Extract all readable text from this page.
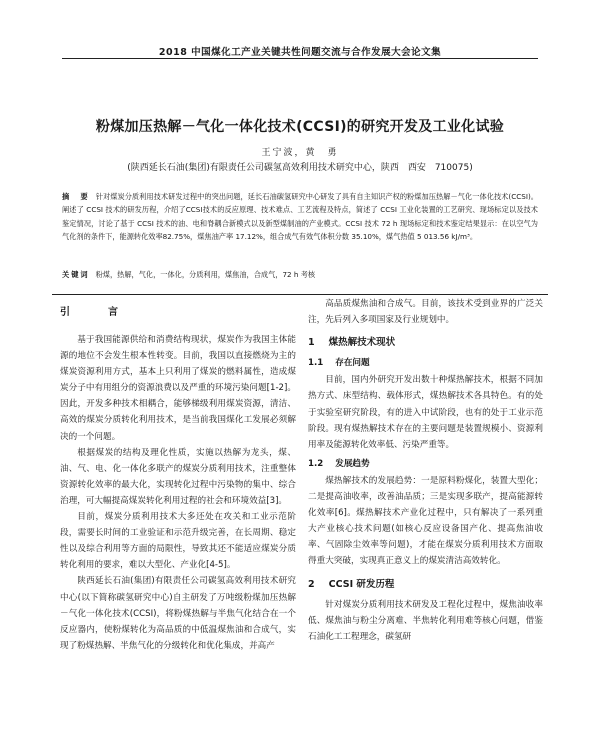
2018 中国煤化工产业关键共性问题交流与合作发展大会论文集
粉煤加压热解－气化一体化技术(CCSI)的研究开发及工业化试验
王宁波，黄　勇
(陕西延长石油(集团)有限责任公司碳氢高效利用技术研究中心，陕西　西安　710075)
摘　要 针对煤炭分质利用技术研发过程中的突出问题，延长石油碳氢研究中心研发了具有自主知识产权的粉煤加压热解－气化一体化技术(CCSI)。阐述了 CCSI 技术的研发历程，介绍了CCSI技术的反应原理、技术难点、工艺流程及特点，简述了 CCSI 工业化装置的工艺研究、现场标定以及技术鉴定情况，讨论了基于 CCSI 技术的油、电和脊耦合新模式以及新型煤制油的产业模式。CCSI 技术 72 h 现场标定和技术鉴定结果显示：在以空气为气化剂的条件下，能源转化效率82.75%，煤焦油产率 17.12%，组合成气有效气体积分数 35.10%，煤气热值 5 013.56 kJ/m³。
关键词 粉煤，热解，气化，一体化，分质利用，煤焦油，合成气，72 h 考核
引　言

基于我国能源供给和消费结构现状，煤炭作为我国主体能源的地位不会发生根本性转变。目前，我国以直接燃烧为主的煤炭资源利用方式，基本上只利用了煤炭的燃料属性，造成煤炭分子中有用组分的资源浪费以及严重的环境污染问题[1-2]。因此，开发多种技术相耦合，能够梯级利用煤炭资源，清洁、高效的煤炭分质转化利用技术，是当前我国煤化工发展必须解决的一个问题。

根据煤炭的结构及理化性质，实施以热解为龙头，煤、油、气、电、化一体化多联产的煤炭分质利用技术，注重整体资源转化效率的最大化，实现转化过程中污染物的集中、综合治理，可大幅提高煤炭转化利用过程的社会和环境效益[3]。

目前，煤炭分质利用技术大多还处在攻关和工业示范阶段，需要长时间的工业验证和示范升级完善，在长周期、稳定性以及综合利用等方面的局限性，导致其还不能适应煤炭分质转化利用的要求，难以大型化、产业化[4-5]。

陕西延长石油(集团)有限责任公司碳氢高效利用技术研究中心(以下简称碳氢研究中心)自主研发了万吨级粉煤加压热解－气化一体化技术(CCSI)，将粉煤热解与半焦气化结合在一个反应器内，使粉煤转化为高品质的中低温煤焦油和合成气，实现了粉煤热解、半焦气化的分级转化和优化集成，并高产

高品质煤焦油和合成气。目前，该技术受到业界的广泛关注，先后列入多项国家及行业规划中。

1 煤热解技术现状
1.1 存在问题

目前，国内外研究开发出数十种煤热解技术，根据不同加热方式、床型结构、载体形式，煤热解技术各具特色。有的处于实验室研究阶段，有的进入中试阶段，也有的处于工业示范阶段。现有煤热解技术存在的主要问题是装置规模小、资源利用率及能源转化效率低、污染严重等。

1.2 发展趋势

煤热解技术的发展趋势：一是原料粉煤化，装置大型化；二是提高油收率，改善油品质；三是实现多联产，提高能源转化效率[6]。煤热解技术产业化过程中，只有解决了一系列重大产业核心技术问题(如核心反应设备国产化、提高焦油收率、气固除尘效率等问题)，才能在煤炭分质利用技术方面取得重大突破，实现真正意义上的煤炭清洁高效转化。

2 CCSI 研发历程

针对煤炭分质利用技术研发及工程化过程中，煤焦油收率低、煤焦油与粉尘分离难、半焦转化利用难等核心问题，借鉴石油化工工程理念，碳氢研
